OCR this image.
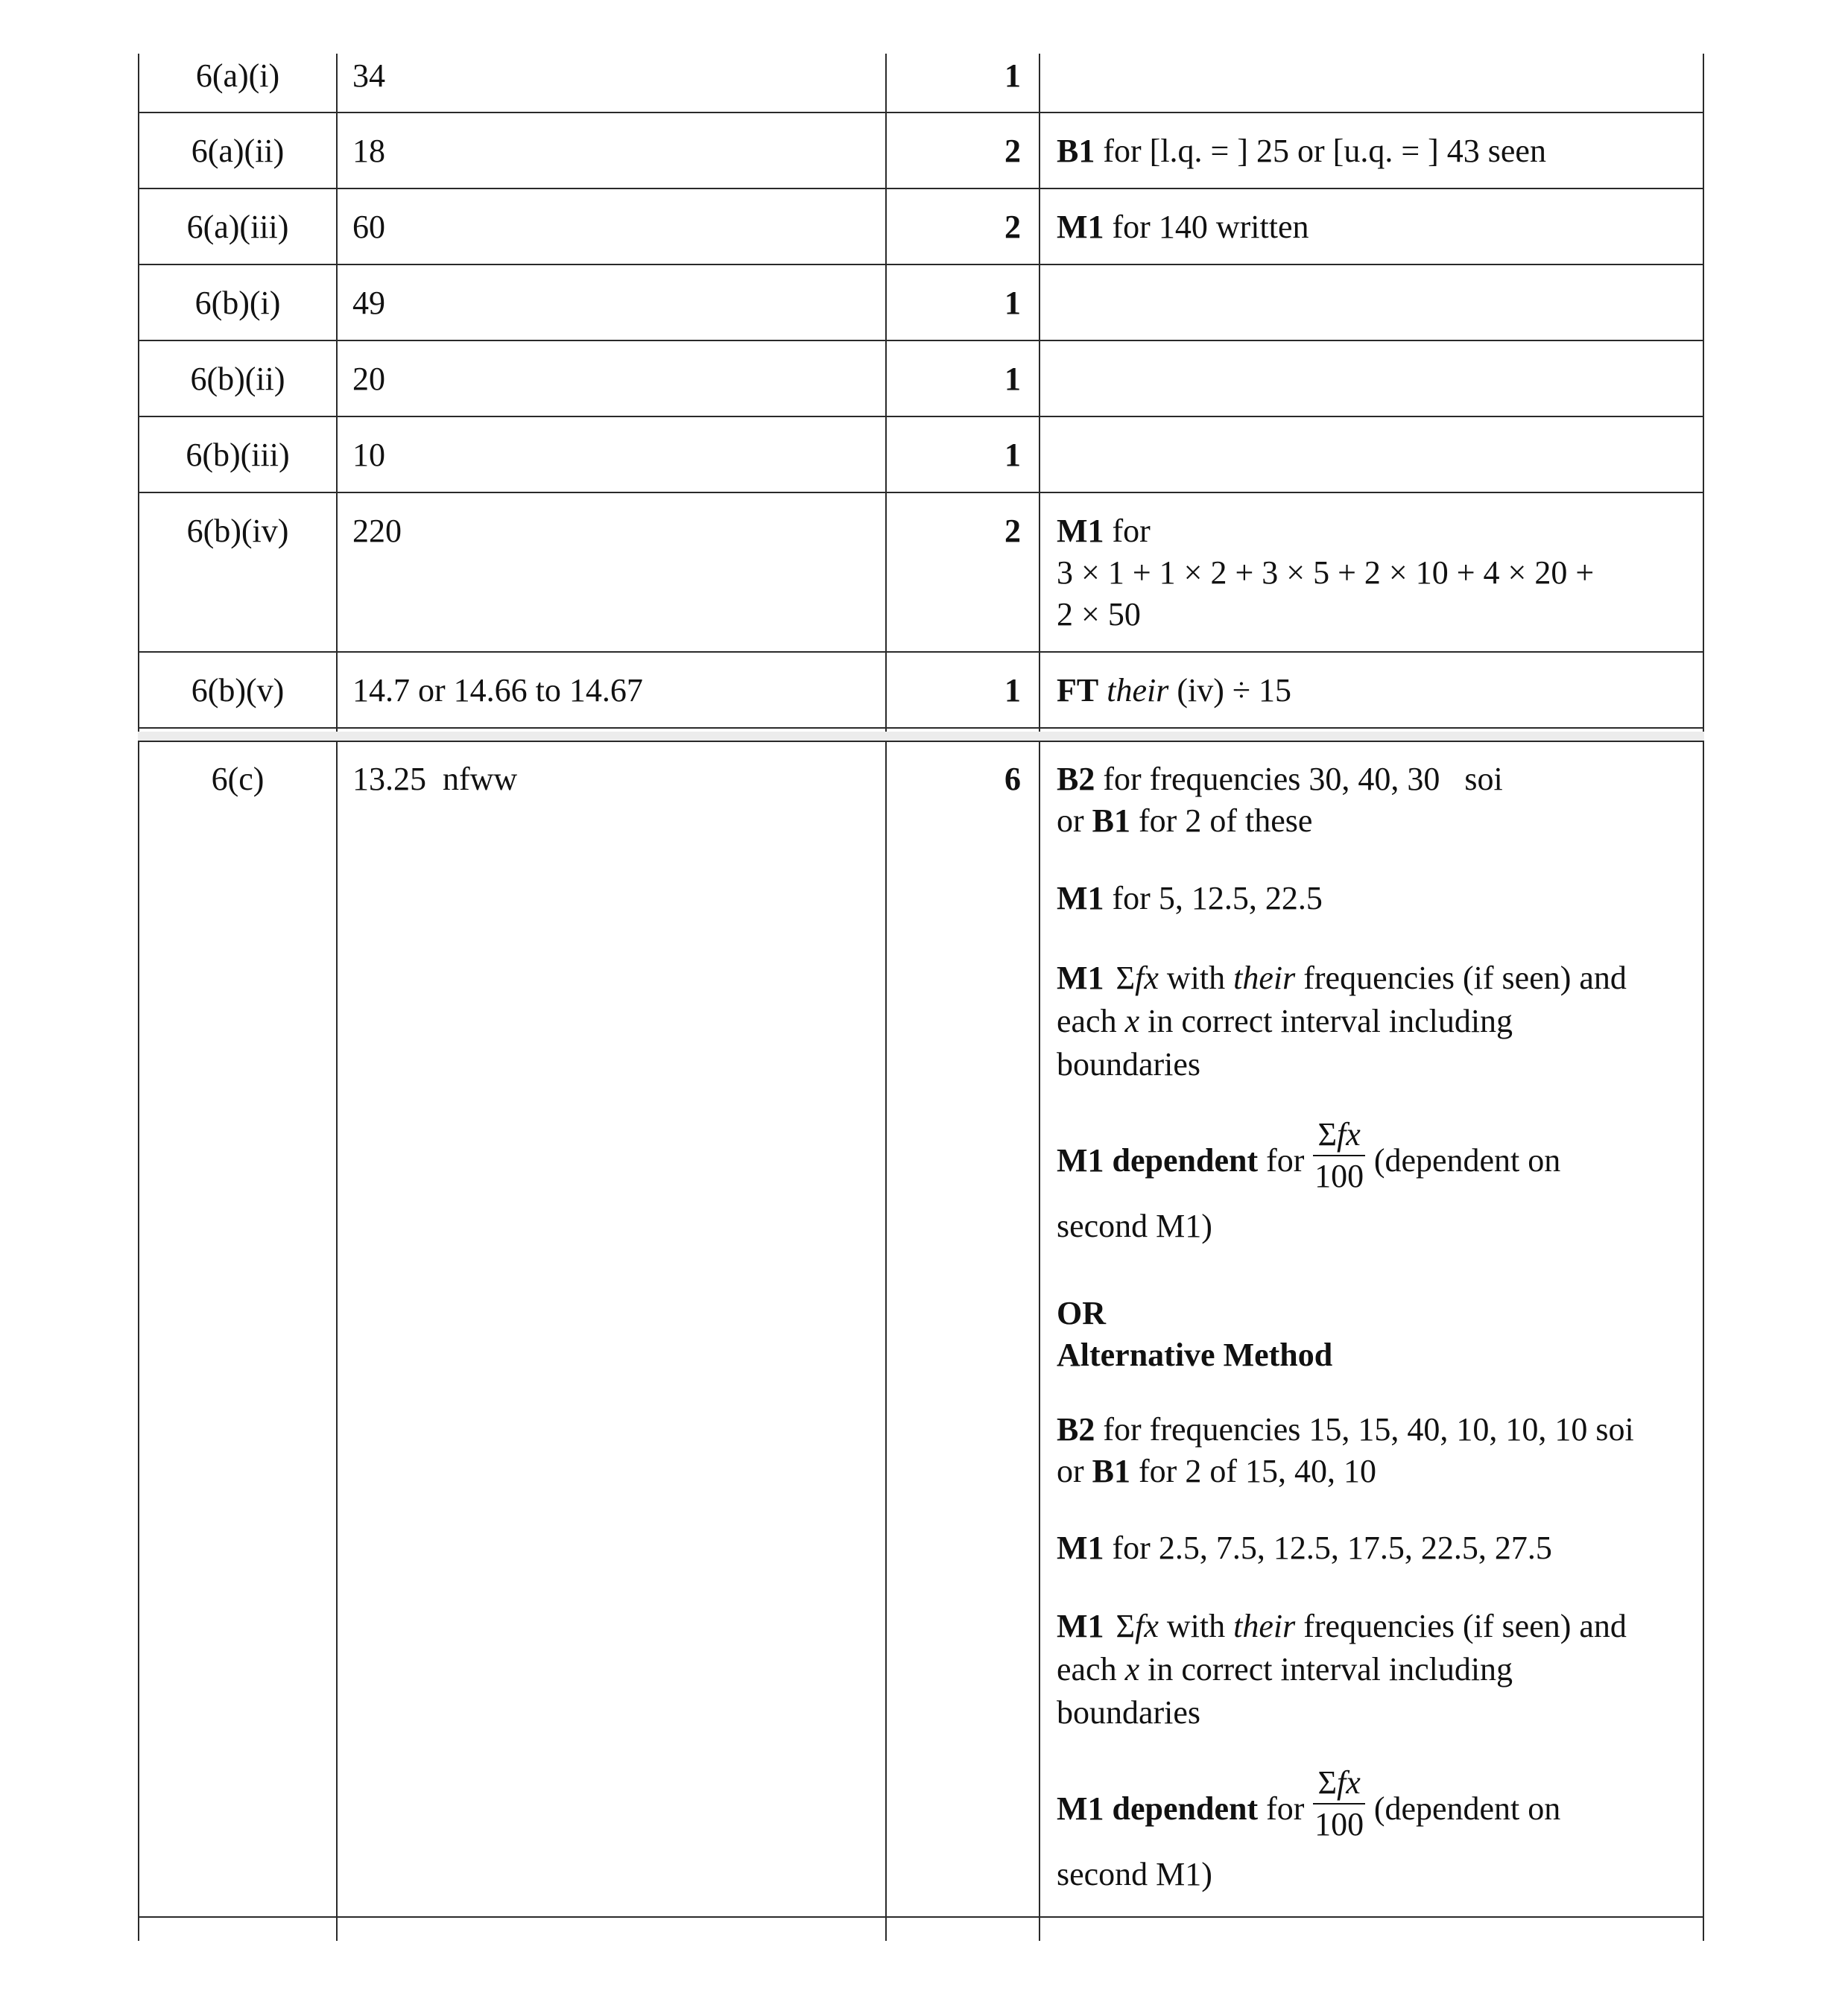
6(a)(i)	34	1
6(a)(ii)	18	2 B1 for [l.q. = ] 25 or [u.q. = ] 43 seen
6(a)(iii)	60	2 M1 for 140 written
6(b)(i)	49	1
6(b)(ii)	20	1
6(b)(iii)	10	1
6(b)(iv)	220	2 M1 for
3 × 1 + 1 × 2 + 3 × 5 + 2 × 10 + 4 × 20 +
2 × 50
6(b)(v)	14.7 or 14.66 to 14.67	1 FT their (iv) ÷ 15
6(c)	13.25  nfww	6 B2 for frequencies 30, 40, 30   soi
or B1 for 2 of these
M1 for 5, 12.5, 22.5
M1 Σfx with their frequencies (if seen) and
each x in correct interval including
boundaries
M1 dependent for $\frac{\text{Σfx}}{100}$ (dependent on
second M1)
OR
Alternative Method
B2 for frequencies 15, 15, 40, 10, 10, 10 soi
or B1 for 2 of 15, 40, 10
M1 for 2.5, 7.5, 12.5, 17.5, 22.5, 27.5
M1 Σfx with their frequencies (if seen) and
each x in correct interval including
boundaries
M1 dependent for $\frac{\text{Σfx}}{100}$ (dependent on
second M1)
